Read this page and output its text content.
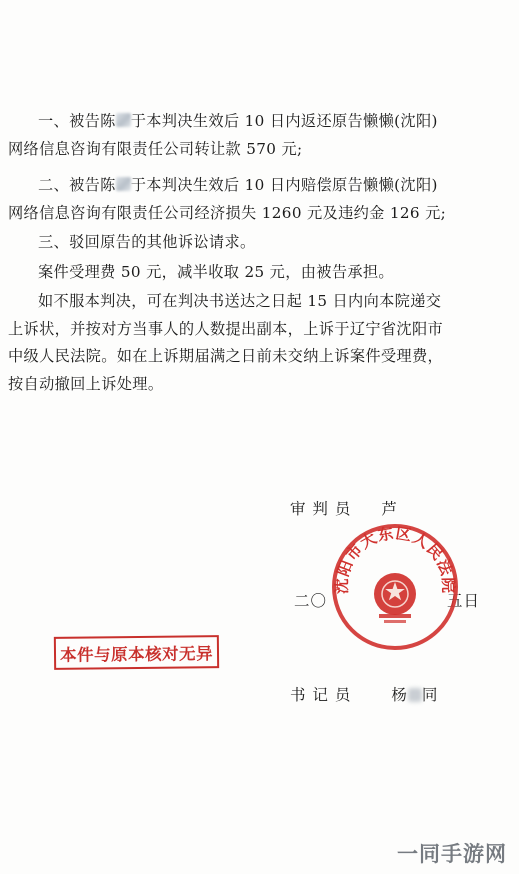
一、被告陈 于本判决生效后 10 日内返还原告懒懒(沈阳)
网络信息咨询有限责任公司转让款 570 元;
二、被告陈 于本判决生效后 10 日内赔偿原告懒懒(沈阳)
网络信息咨询有限责任公司经济损失 1260 元及违约金 126 元;
三、驳回原告的其他诉讼请求。
案件受理费 50 元，减半收取 25 元，由被告承担。
如不服本判决，可在判决书送达之日起 15 日内向本院递交
上诉状，并按对方当事人的人数提出副本，上诉于辽宁省沈阳市
中级人民法院。如在上诉期届满之日前未交纳上诉案件受理费，
按自动撤回上诉处理。
审 判 员 芦
二〇	五日
书 记 员	杨 同
沈阳市大东区人民法院
本件与原本核对无异
一同手游网
